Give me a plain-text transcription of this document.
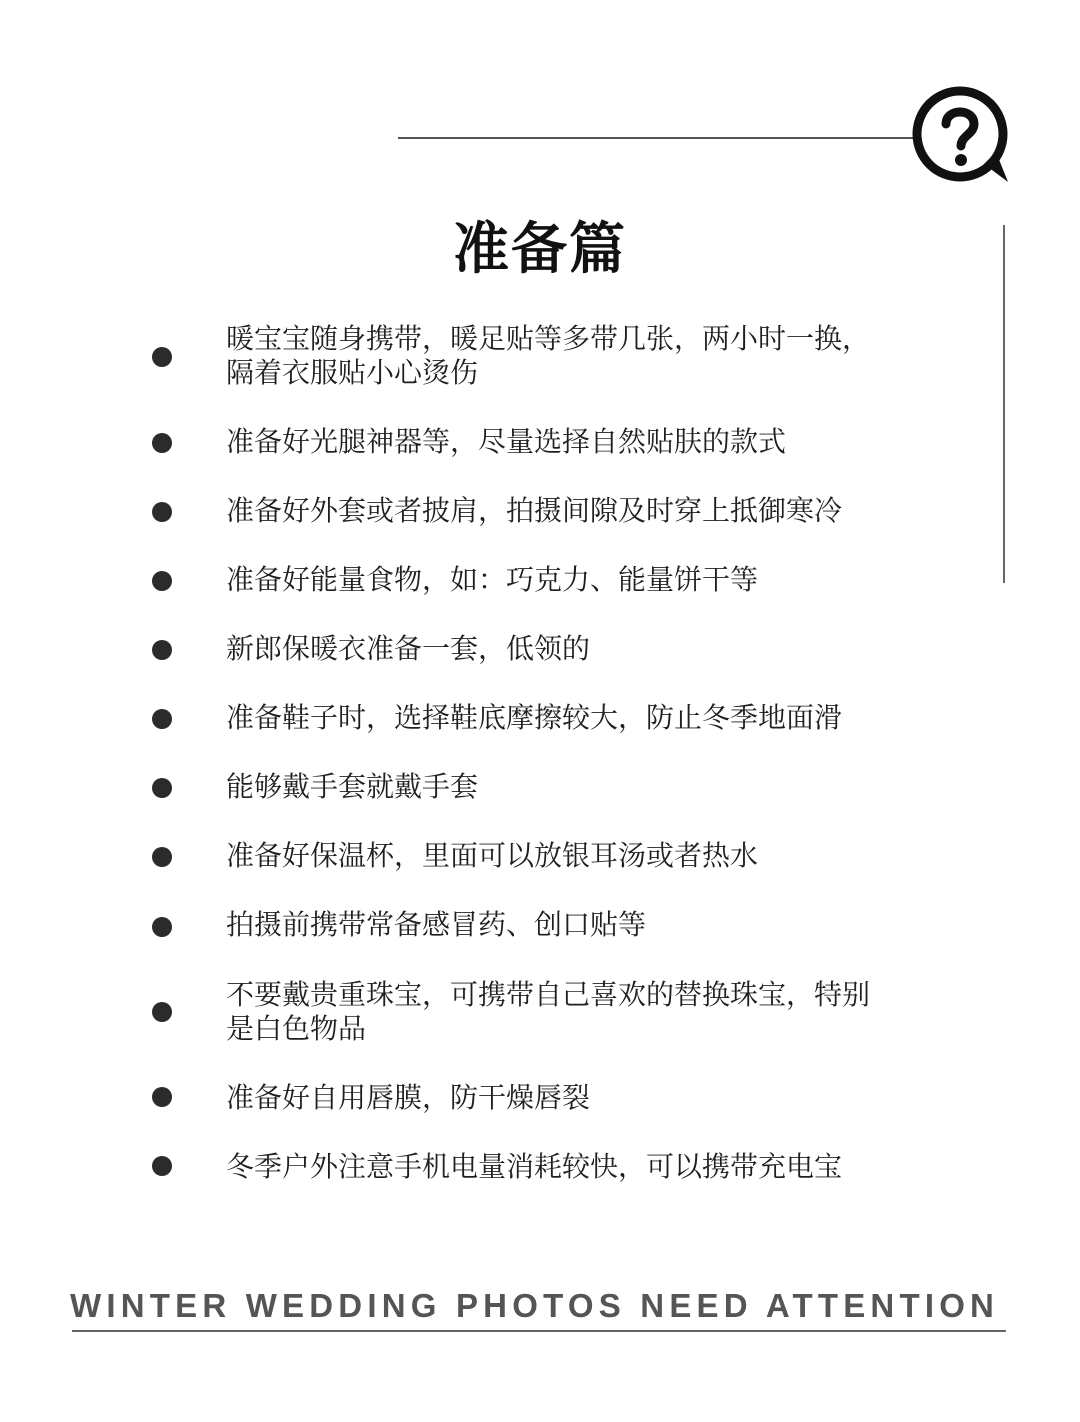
准备篇
暖宝宝随身携带，暖足贴等多带几张，两小时一换，
隔着衣服贴小心烫伤
准备好光腿神器等，尽量选择自然贴肤的款式
准备好外套或者披肩，拍摄间隙及时穿上抵御寒冷
准备好能量食物，如：巧克力、能量饼干等
新郎保暖衣准备一套，低领的
准备鞋子时，选择鞋底摩擦较大，防止冬季地面滑
能够戴手套就戴手套
准备好保温杯，里面可以放银耳汤或者热水
拍摄前携带常备感冒药、创口贴等
不要戴贵重珠宝，可携带自己喜欢的替换珠宝，特别
是白色物品
准备好自用唇膜，防干燥唇裂
冬季户外注意手机电量消耗较快，可以携带充电宝
WINTER WEDDING PHOTOS NEED ATTENTION
